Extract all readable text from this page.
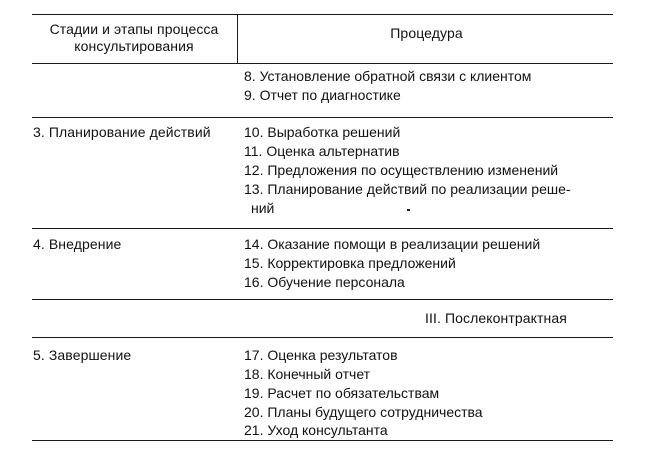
Стадии и этапы процесса
консультирования
Процедура
8. Установление обратной связи с клиентом
9. Отчет по диагностике
3. Планирование действий 10. Выработка решений
11. Оценка альтернатив
12. Предложения по осуществлению изменений
13. Планирование действий по реализации реше-
ний
4. Внедрение	14. Оказание помощи в реализации решений
15. Корректировка предложений
16. Обучение персонала
III. Послеконтрактная
5. Завершение	17. Оценка результатов
18. Конечный отчет
19. Расчет по обязательствам
20. Планы будущего сотрудничества
21. Уход консультанта
